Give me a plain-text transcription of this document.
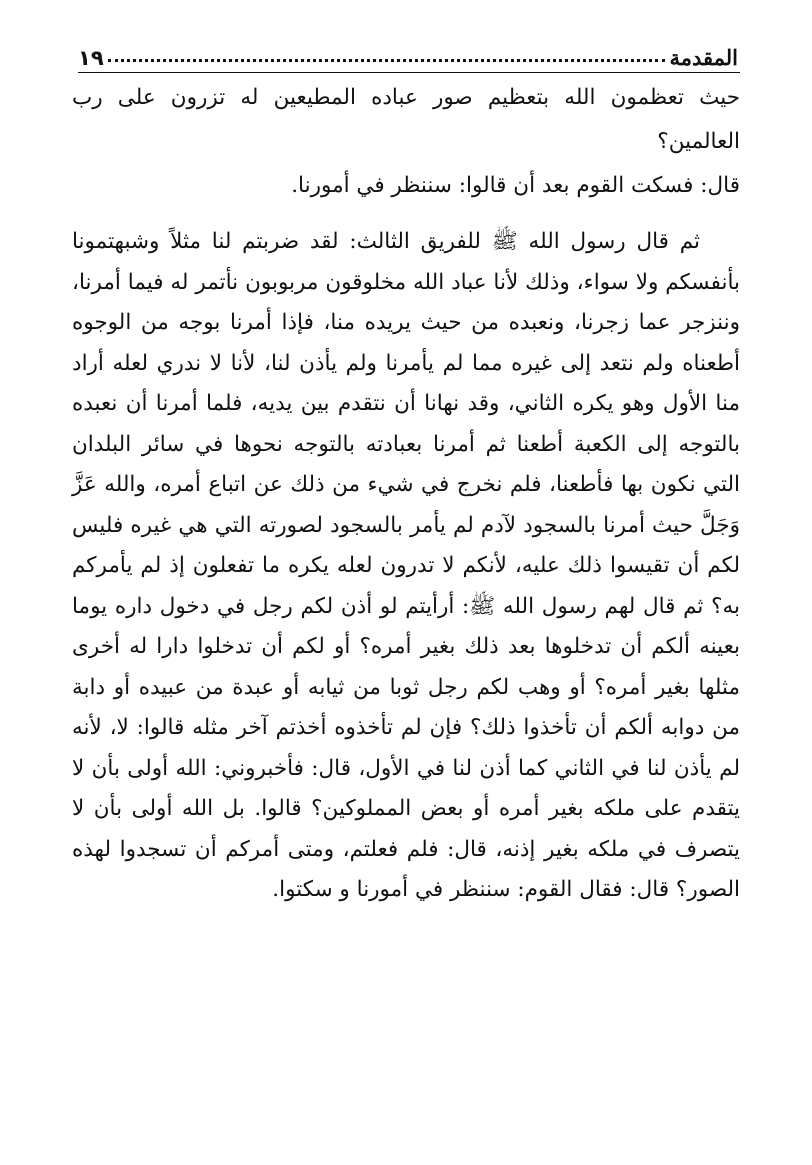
المقدمة
١٩

حيث تعظمون الله بتعظيم صور عباده المطيعين له تزرون على رب العالمين؟

قال: فسكت القوم بعد أن قالوا: سننظر في أمورنا.

ثم قال رسول الله ﷺ للفريق الثالث: لقد ضربتم لنا مثلاً وشبهتمونا بأنفسكم ولا سواء، وذلك لأنا عباد الله مخلوقون مربوبون نأتمر له فيما أمرنا، وننزجر عما زجرنا، ونعبده من حيث يريده منا، فإذا أمرنا بوجه من الوجوه أطعناه ولم نتعد إلى غيره مما لم يأمرنا ولم يأذن لنا، لأنا لا ندري لعله أراد منا الأول وهو يكره الثاني، وقد نهانا أن نتقدم بين يديه، فلما أمرنا أن نعبده بالتوجه إلى الكعبة أطعنا ثم أمرنا بعبادته بالتوجه نحوها في سائر البلدان التي نكون بها فأطعنا، فلم نخرج في شيء من ذلك عن اتباع أمره، والله عَزَّ وَجَلَّ حيث أمرنا بالسجود لآدم لم يأمر بالسجود لصورته التي هي غيره فليس لكم أن تقيسوا ذلك عليه، لأنكم لا تدرون لعله يكره ما تفعلون إذ لم يأمركم به؟ ثم قال لهم رسول الله ﷺ: أرأيتم لو أذن لكم رجل في دخول داره يوما بعينه ألكم أن تدخلوها بعد ذلك بغير أمره؟ أو لكم أن تدخلوا دارا له أخرى مثلها بغير أمره؟ أو وهب لكم رجل ثوبا من ثيابه أو عبدة من عبيده أو دابة من دوابه ألكم أن تأخذوا ذلك؟ فإن لم تأخذوه أخذتم آخر مثله قالوا: لا، لأنه لم يأذن لنا في الثاني كما أذن لنا في الأول، قال: فأخبروني: الله أولى بأن لا يتقدم على ملكه بغير أمره أو بعض المملوكين؟ قالوا. بل الله أولى بأن لا يتصرف في ملكه بغير إذنه، قال: فلم فعلتم، ومتى أمركم أن تسجدوا لهذه الصور؟ قال: فقال القوم: سننظر في أمورنا و سكتوا.
